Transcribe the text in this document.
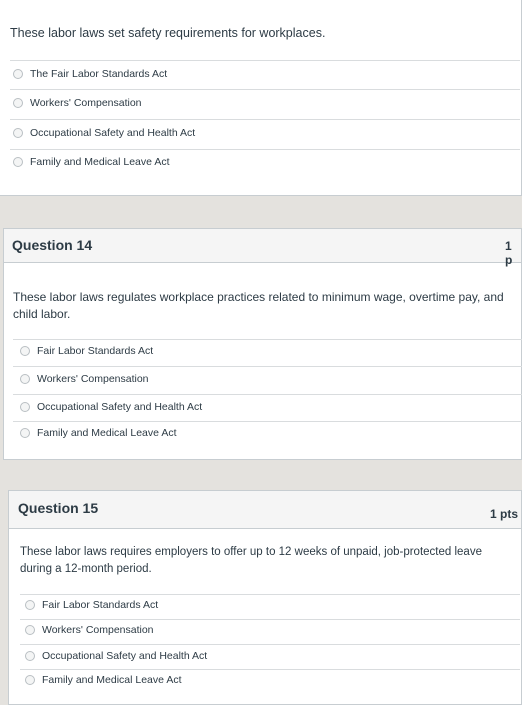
These labor laws set safety requirements for workplaces.
The Fair Labor Standards Act
Workers' Compensation
Occupational Safety and Health Act
Family and Medical Leave Act
Question 14	1 p
These labor laws regulates workplace practices related to minimum wage, overtime pay, and child labor.
Fair Labor Standards Act
Workers' Compensation
Occupational Safety and Health Act
Family and Medical Leave Act
Question 15	1 pts
These labor laws requires employers to offer up to 12 weeks of unpaid, job-protected leave during a 12-month period.
Fair Labor Standards Act
Workers' Compensation
Occupational Safety and Health Act
Family and Medical Leave Act
